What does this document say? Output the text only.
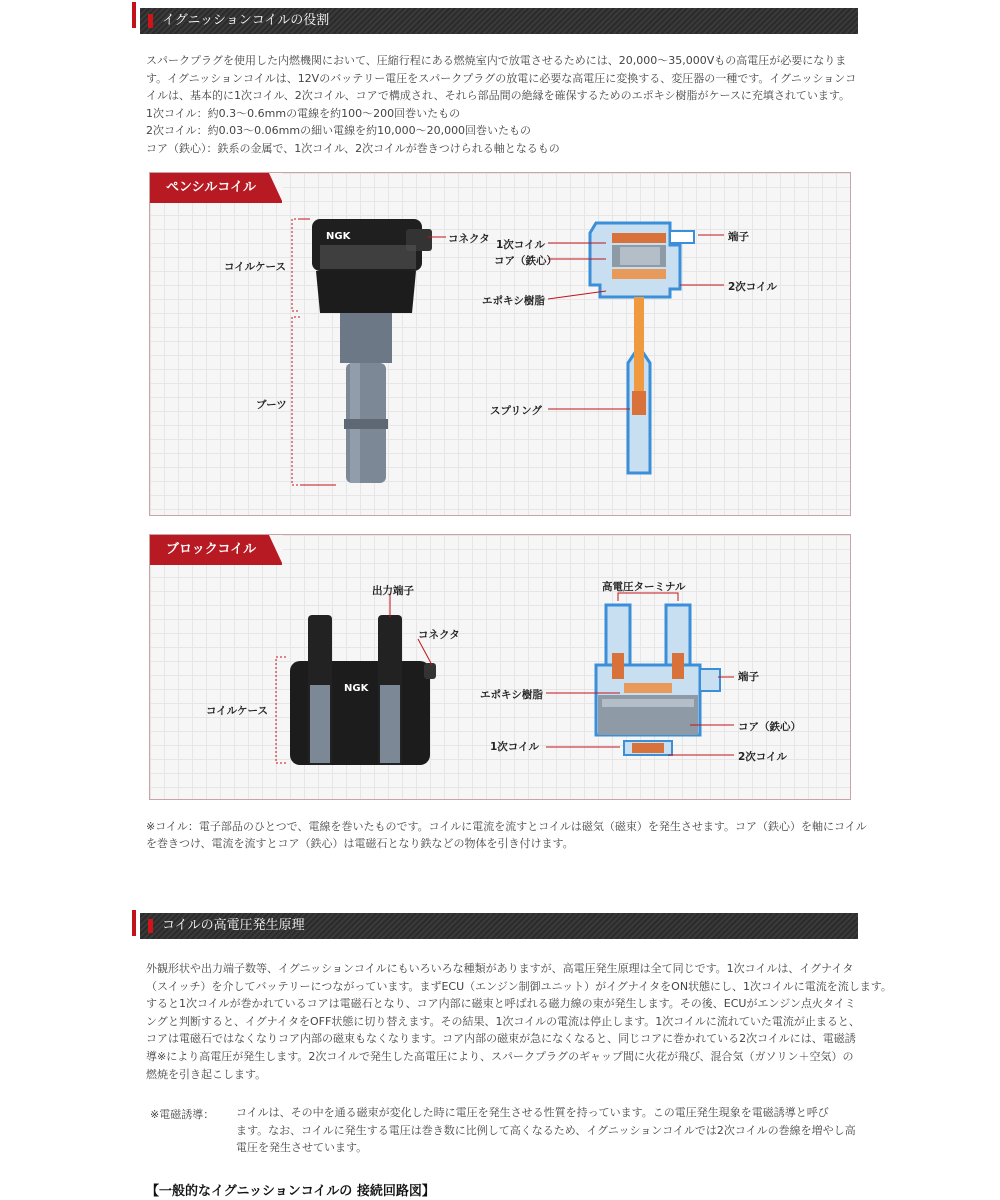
イグニッションコイルの役割
スパークプラグを使用した内燃機関において、圧縮行程にある燃焼室内で放電させるためには、20,000～35,000Vもの高電圧が必要になりま
す。イグニッションコイルは、12Vのバッテリー電圧をスパークプラグの放電に必要な高電圧に変換する、変圧器の一種です。イグニッションコ
イルは、基本的に1次コイル、2次コイル、コアで構成され、それら部品間の絶縁を確保するためのエポキシ樹脂がケースに充填されています。
1次コイル：約0.3～0.6mmの電線を約100～200回巻いたもの
2次コイル：約0.03～0.06mmの細い電線を約10,000～20,000回巻いたもの
コア（鉄心）：鉄系の金属で、1次コイル、2次コイルが巻きつけられる軸となるもの
ペンシルコイル
NGK	コネクタ
コイルケース
ブーツ
1次コイル
コア（鉄心）
エポキシ樹脂
スプリング
端子
2次コイル
ブロックコイル
NGK
出力端子
コネクタ
コイルケース
高電圧ターミナル
端子
エポキシ樹脂
コア（鉄心）
1次コイル
2次コイル
※コイル：電子部品のひとつで、電線を巻いたものです。コイルに電流を流すとコイルは磁気（磁束）を発生させます。コア（鉄心）を軸にコイル
を巻きつけ、電流を流すとコア（鉄心）は電磁石となり鉄などの物体を引き付けます。
コイルの高電圧発生原理
外観形状や出力端子数等、イグニッションコイルにもいろいろな種類がありますが、高電圧発生原理は全て同じです。1次コイルは、イグナイタ
（スイッチ）を介してバッテリーにつながっています。まずECU（エンジン制御ユニット）がイグナイタをON状態にし、1次コイルに電流を流します。
すると1次コイルが巻かれているコアは電磁石となり、コア内部に磁束と呼ばれる磁力線の束が発生します。その後、ECUがエンジン点火タイミ
ングと判断すると、イグナイタをOFF状態に切り替えます。その結果、1次コイルの電流は停止します。1次コイルに流れていた電流が止まると、
コアは電磁石ではなくなりコア内部の磁束もなくなります。コア内部の磁束が急になくなると、同じコアに巻かれている2次コイルには、電磁誘
導※により高電圧が発生します。2次コイルで発生した高電圧により、スパークプラグのギャップ間に火花が飛び、混合気（ガソリン＋空気）の
燃焼を引き起こします。
※電磁誘導： コイルは、その中を通る磁束が変化した時に電圧を発生させる性質を持っています。この電圧発生現象を電磁誘導と呼び
ます。なお、コイルに発生する電圧は巻き数に比例して高くなるため、イグニッションコイルでは2次コイルの巻線を増やし高
電圧を発生させています。
【一般的なイグニッションコイルの 接続回路図】
